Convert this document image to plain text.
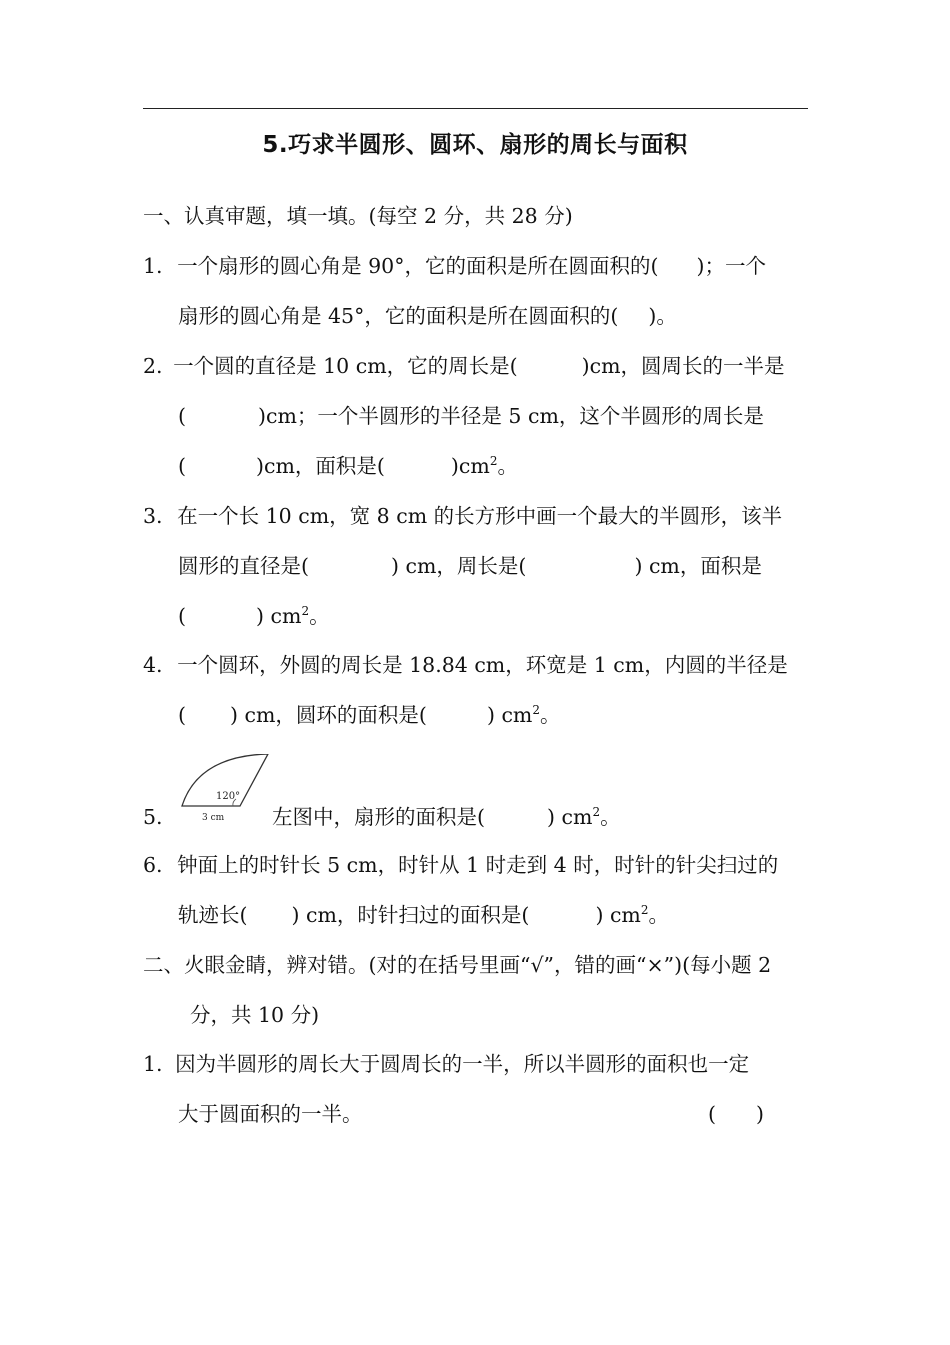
5.巧求半圆形、圆环、扇形的周长与面积
一、认真审题，填一填。(每空 2 分，共 28 分)
1. 一个扇形的圆心角是 90°，它的面积是所在圆面积的( )；一个
扇形的圆心角是 45°，它的面积是所在圆面积的( )。
2. 一个圆的直径是 10 cm，它的周长是(	)cm，圆周长的一半是
(	)cm；一个半圆形的半径是 5 cm，这个半圆形的周长是
(	)cm，面积是(	)$cm^2$。
3. 在一个长 10 cm，宽 8 cm 的长方形中画一个最大的半圆形，该半
圆形的直径是(	) cm，周长是(	) cm，面积是
(	) $cm^2$。
4. 一个圆环，外圆的周长是 18.84 cm，环宽是 1 cm，内圆的半径是
( ) cm，圆环的面积是(	) $cm^2$。
5.
120°
3 cm 左图中，扇形的面积是(	) $cm^2$。
6. 钟面上的时针长 5 cm，时针从 1 时走到 4 时，时针的针尖扫过的
轨迹长( ) cm，时针扫过的面积是(	) $cm^2$。
二、火眼金睛，辨对错。(对的在括号里画“√”，错的画“×”)(每小题 2
分，共 10 分)
1. 因为半圆形的周长大于圆周长的一半，所以半圆形的面积也一定
大于圆面积的一半。	( )
